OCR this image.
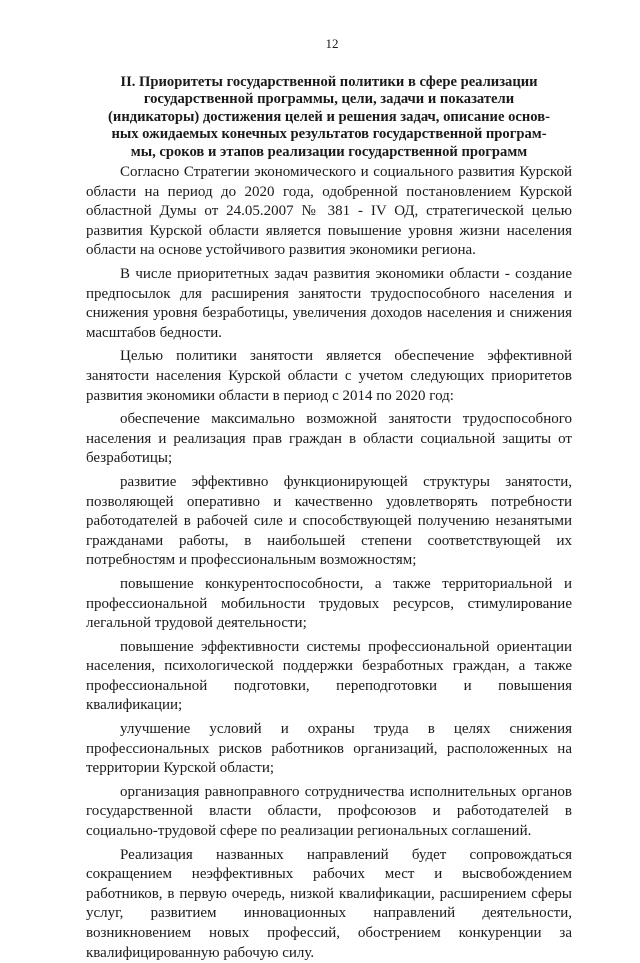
12
II. Приоритеты государственной политики в сфере реализации
государственной программы, цели, задачи и показатели
(индикаторы) достижения целей и решения задач, описание основ-
ных ожидаемых конечных результатов государственной програм-
мы, сроков и этапов реализации государственной программ

Согласно Стратегии экономического и социального развития Курской области на период до 2020 года, одобренной постановлением Курской областной Думы от 24.05.2007 № 381 - IV ОД, стратегической целью развития Курской области является повышение уровня жизни населения области на основе устойчивого развития экономики региона.

В числе приоритетных задач развития экономики области - создание предпосылок для расширения занятости трудоспособного населения и снижения уровня безработицы, увеличения доходов населения и снижения масштабов бедности.

Целью политики занятости является обеспечение эффективной занятости населения Курской области с учетом следующих приоритетов развития экономики области в период с 2014 по 2020 год:

обеспечение максимально возможной занятости трудоспособного населения и реализация прав граждан в области социальной защиты от безработицы;

развитие эффективно функционирующей структуры занятости, позволяющей оперативно и качественно удовлетворять потребности работодателей в рабочей силе и способствующей получению незанятыми гражданами работы, в наибольшей степени соответствующей их потребностям и профессиональным возможностям;

повышение конкурентоспособности, а также территориальной и профессиональной мобильности трудовых ресурсов, стимулирование легальной трудовой деятельности;

повышение эффективности системы профессиональной ориентации населения, психологической поддержки безработных граждан, а также профессиональной подготовки, переподготовки и повышения квалификации;

улучшение условий и охраны труда в целях снижения профессиональных рисков работников организаций, расположенных на территории Курской области;

организация равноправного сотрудничества исполнительных органов государственной власти области, профсоюзов и работодателей в социально-трудовой сфере по реализации региональных соглашений.

Реализация названных направлений будет сопровождаться сокращением неэффективных рабочих мест и высвобождением работников, в первую очередь, низкой квалификации, расширением сферы услуг, развитием инновационных направлений деятельности, возникновением новых профессий, обострением конкуренции за квалифицированную рабочую силу.
